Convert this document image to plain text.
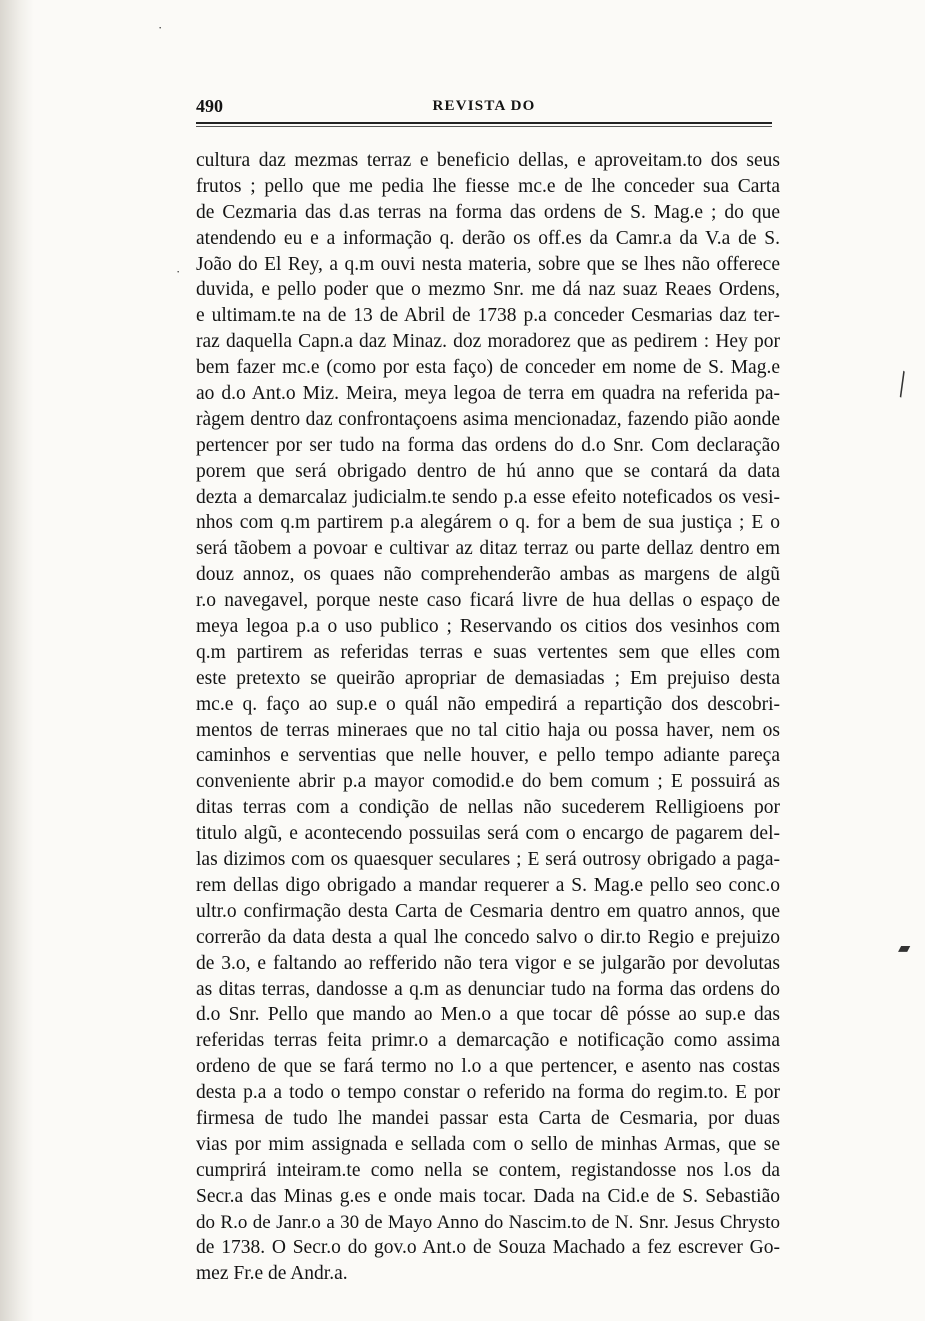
·
·
╲
▰
490	REVISTA DO
cultura daz mezmas terraz e beneficio dellas, e aproveitam.to dos seus
frutos ; pello que me pedia lhe fiesse mc.e de lhe conceder sua Carta
de Cezmaria das d.as terras na forma das ordens de S. Mag.e ; do que
atendendo eu e a informação q. derão os off.es da Camr.a da V.a de S.
João do El Rey, a q.m ouvi nesta materia, sobre que se lhes não offerece
duvida, e pello poder que o mezmo Snr. me dá naz suaz Reaes Ordens,
e ultimam.te na de 13 de Abril de 1738 p.a conceder Cesmarias daz ter-
raz daquella Capn.a daz Minaz. doz moradorez que as pedirem : Hey por
bem fazer mc.e (como por esta faço) de conceder em nome de S. Mag.e
ao d.o Ant.o Miz. Meira, meya legoa de terra em quadra na referida pa-
ràgem dentro daz confrontaçoens asima mencionadaz, fazendo pião aonde
pertencer por ser tudo na forma das ordens do d.o Snr. Com declaração
porem que será obrigado dentro de hú anno que se contará da data
dezta a demarcalaz judicialm.te sendo p.a esse efeito noteficados os vesi-
nhos com q.m partirem p.a alegárem o q. for a bem de sua justiça ; E o
será tãobem a povoar e cultivar az ditaz terraz ou parte dellaz dentro em
douz annoz, os quaes não comprehenderão ambas as margens de algũ
r.o navegavel, porque neste caso ficará livre de hua dellas o espaço de
meya legoa p.a o uso publico ; Reservando os citios dos vesinhos com
q.m partirem as referidas terras e suas vertentes sem que elles com
este pretexto se queirão apropriar de demasiadas ; Em prejuiso desta
mc.e q. faço ao sup.e o quál não empedirá a repartição dos descobri-
mentos de terras mineraes que no tal citio haja ou possa haver, nem os
caminhos e serventias que nelle houver, e pello tempo adiante pareça
conveniente abrir p.a mayor comodid.e do bem comum ; E possuirá as
ditas terras com a condição de nellas não sucederem Relligioens por
titulo algũ, e acontecendo possuilas será com o encargo de pagarem del-
las dizimos com os quaesquer seculares ; E será outrosy obrigado a paga-
rem dellas digo obrigado a mandar requerer a S. Mag.e pello seo conc.o
ultr.o confirmação desta Carta de Cesmaria dentro em quatro annos, que
correrão da data desta a qual lhe concedo salvo o dir.to Regio e prejuizo
de 3.o, e faltando ao refferido não tera vigor e se julgarão por devolutas
as ditas terras, dandosse a q.m as denunciar tudo na forma das ordens do
d.o Snr. Pello que mando ao Men.o a que tocar dê pósse ao sup.e das
referidas terras feita primr.o a demarcação e notificação como assima
ordeno de que se fará termo no l.o a que pertencer, e asento nas costas
desta p.a a todo o tempo constar o referido na forma do regim.to. E por
firmesa de tudo lhe mandei passar esta Carta de Cesmaria, por duas
vias por mim assignada e sellada com o sello de minhas Armas, que se
cumprirá inteiram.te como nella se contem, registandosse nos l.os da
Secr.a das Minas g.es e onde mais tocar. Dada na Cid.e de S. Sebastião
do R.o de Janr.o a 30 de Mayo Anno do Nascim.to de N. Snr. Jesus Chrysto
de 1738. O Secr.o do gov.o Ant.o de Souza Machado a fez escrever Go-
mez Fr.e de Andr.a.
